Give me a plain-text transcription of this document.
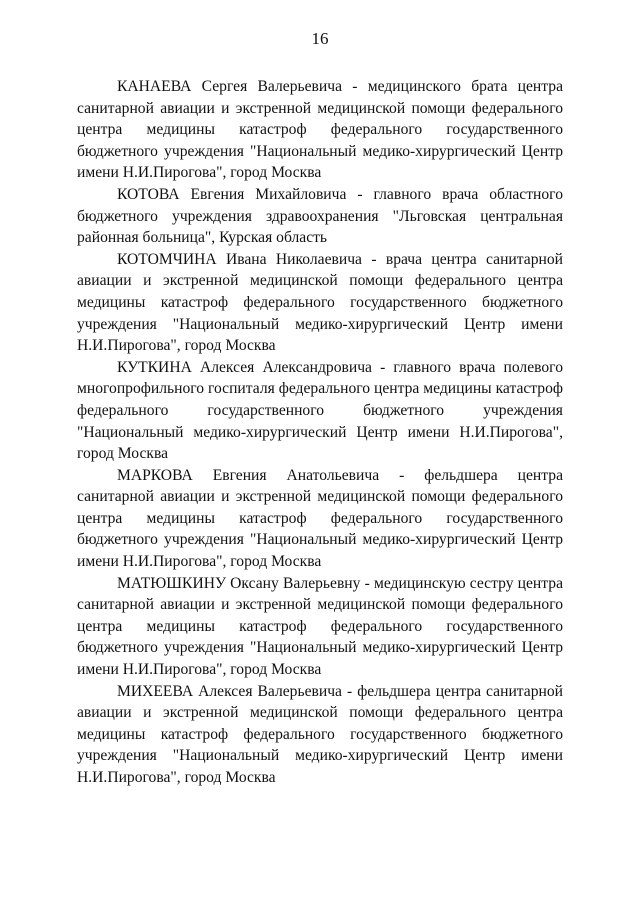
16

КАНАЕВА Сергея Валерьевича - медицинского брата центра санитарной авиации и экстренной медицинской помощи федерального центра медицины катастроф федерального государственного бюджетного учреждения "Национальный медико-хирургический Центр имени Н.И.Пирогова", город Москва

КОТОВА Евгения Михайловича - главного врача областного бюджетного учреждения здравоохранения "Льговская центральная районная больница", Курская область

КОТОМЧИНА Ивана Николаевича - врача центра санитарной авиации и экстренной медицинской помощи федерального центра медицины катастроф федерального государственного бюджетного учреждения "Национальный медико-хирургический Центр имени Н.И.Пирогова", город Москва

КУТКИНА Алексея Александровича - главного врача полевого многопрофильного госпиталя федерального центра медицины катастроф федерального государственного бюджетного учреждения "Национальный медико-хирургический Центр имени Н.И.Пирогова", город Москва

МАРКОВА Евгения Анатольевича - фельдшера центра санитарной авиации и экстренной медицинской помощи федерального центра медицины катастроф федерального государственного бюджетного учреждения "Национальный медико-хирургический Центр имени Н.И.Пирогова", город Москва

МАТЮШКИНУ Оксану Валерьевну - медицинскую сестру центра санитарной авиации и экстренной медицинской помощи федерального центра медицины катастроф федерального государственного бюджетного учреждения "Национальный медико-хирургический Центр имени Н.И.Пирогова", город Москва

МИХЕЕВА Алексея Валерьевича - фельдшера центра санитарной авиации и экстренной медицинской помощи федерального центра медицины катастроф федерального государственного бюджетного учреждения "Национальный медико-хирургический Центр имени Н.И.Пирогова", город Москва
